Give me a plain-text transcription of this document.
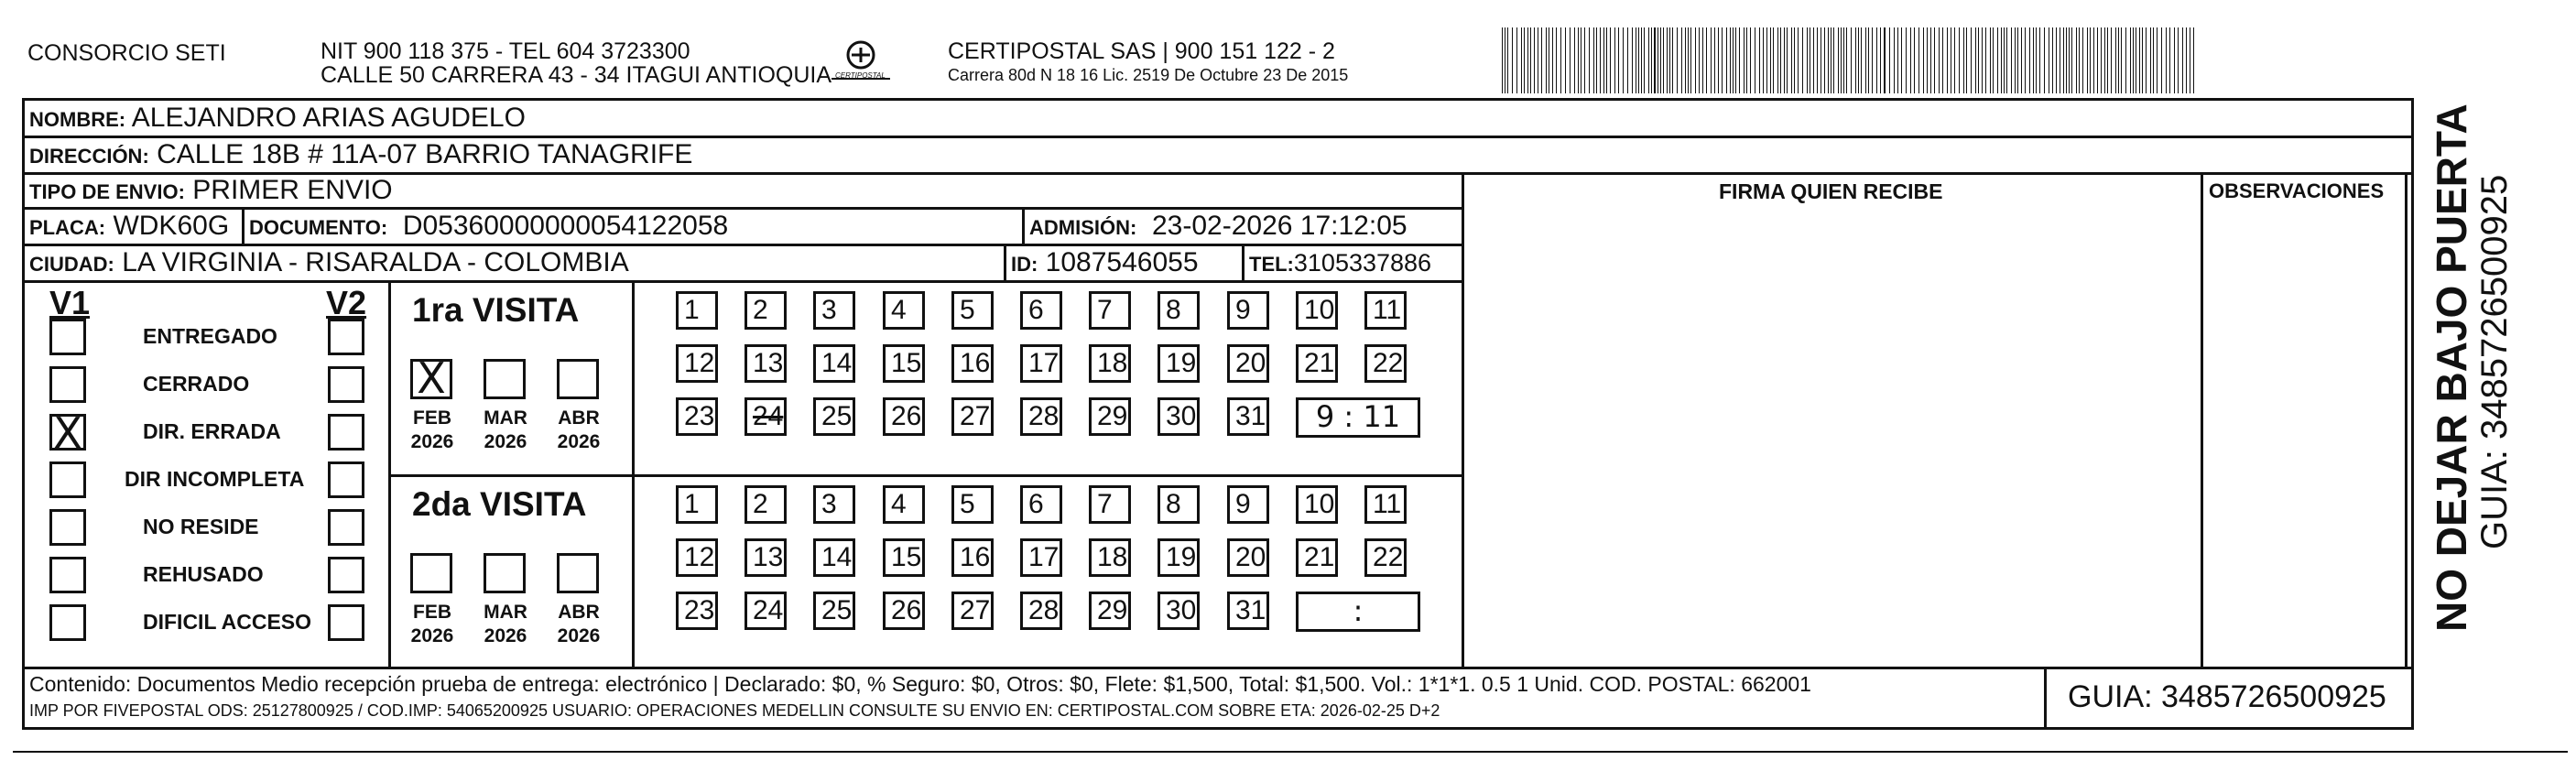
CONSORCIO SETI	NIT 900 118 375 - TEL 604 3723300
CALLE 50 CARRERA 43 - 34 ITAGUI ANTIOQUIA CERTIPOSTAL
CERTIPOSTAL SAS | 900 151 122 - 2
Carrera 80d N 18 16 Lic. 2519 De Octubre 23 De 2015
NOMBRE: ALEJANDRO ARIAS AGUDELO
DIRECCIÓN: CALLE 18B # 11A-07 BARRIO TANAGRIFE
TIPO DE ENVIO: PRIMER ENVIO	FIRMA QUIEN RECIBE	OBSERVACIONES
PLACA: WDK60G DOCUMENTO: D05360000000054122058	ADMISIÓN: 23-02-2026 17:12:05
CIUDAD: LA VIRGINIA - RISARALDA - COLOMBIA	ID: 1087546055	TEL:3105337886
V1	V2 1ra VISITA
2da VISITA
Contenido: Documentos Medio recepción prueba de entrega: electrónico | Declarado: $0, % Seguro: $0, Otros: $0, Flete: $1,500, Total: $1,500. Vol.: 1*1*1. 0.5 1 Unid. COD. POSTAL: 662001
IMP POR FIVEPOSTAL ODS: 25127800925 / COD.IMP: 54065200925 USUARIO: OPERACIONES MEDELLIN CONSULTE SU ENVIO EN: CERTIPOSTAL.COM SOBRE ETA: 2026-02-25 D+2	GUIA: 3485726500925
NO DEJAR BAJO PUERTA GUIA: 3485726500925
ENTREGADO
CERRADO
X	DIR. ERRADA
DIR INCOMPLETA
NO RESIDE
REHUSADO
DIFICIL ACCESO
X
FEB
2026
MAR
2026
ABR
2026
FEB
2026
MAR
2026
ABR
2026
1	2	3	4	5	6	7	8	9	10	11
12	13	14	15	16	17	18	19	20	21	22
23	24	25	26	27	28	29	30	31	9 : 11
1	2	3	4	5	6	7	8	9	10	11
12	13	14	15	16	17	18	19	20	21	22
23	24	25	26	27	28	29	30	31	:
